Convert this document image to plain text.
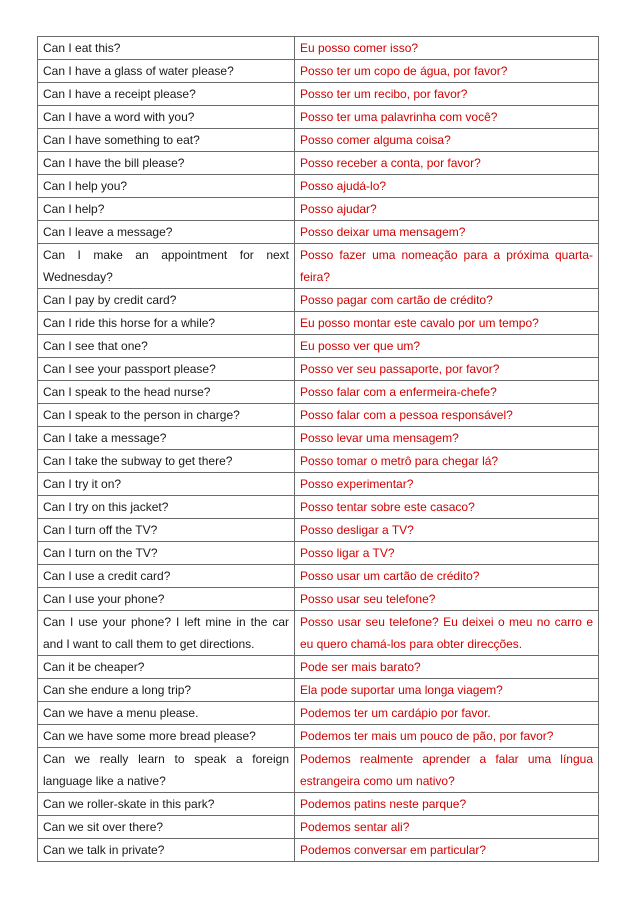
Can I eat this?	Eu posso comer isso?
Can I have a glass of water please?	Posso ter um copo de água, por favor?
Can I have a receipt please?	Posso ter um recibo, por favor?
Can I have a word with you?	Posso ter uma palavrinha com você?
Can I have something to eat?	Posso comer alguma coisa?
Can I have the bill please?	Posso receber a conta, por favor?
Can I help you?	Posso ajudá-lo?
Can I help?	Posso ajudar?
Can I leave a message?	Posso deixar uma mensagem?
Can I make an appointment for next Wednesday?	Posso fazer uma nomeação para a próxima quarta-feira?
Can I pay by credit card?	Posso pagar com cartão de crédito?
Can I ride this horse for a while?	Eu posso montar este cavalo por um tempo?
Can I see that one?	Eu posso ver que um?
Can I see your passport please?	Posso ver seu passaporte, por favor?
Can I speak to the head nurse?	Posso falar com a enfermeira-chefe?
Can I speak to the person in charge?	Posso falar com a pessoa responsável?
Can I take a message?	Posso levar uma mensagem?
Can I take the subway to get there?	Posso tomar o metrô para chegar lá?
Can I try it on?	Posso experimentar?
Can I try on this jacket?	Posso tentar sobre este casaco?
Can I turn off the TV?	Posso desligar a TV?
Can I turn on the TV?	Posso ligar a TV?
Can I use a credit card?	Posso usar um cartão de crédito?
Can I use your phone?	Posso usar seu telefone?
Can I use your phone? I left mine in the car and I want to call them to get directions.	Posso usar seu telefone? Eu deixei o meu no carro e eu quero chamá-los para obter direcções.
Can it be cheaper?	Pode ser mais barato?
Can she endure a long trip?	Ela pode suportar uma longa viagem?
Can we have a menu please.	Podemos ter um cardápio por favor.
Can we have some more bread please?	Podemos ter mais um pouco de pão, por favor?
Can we really learn to speak a foreign language like a native?	Podemos realmente aprender a falar uma língua estrangeira como um nativo?
Can we roller-skate in this park?	Podemos patins neste parque?
Can we sit over there?	Podemos sentar ali?
Can we talk in private?	Podemos conversar em particular?
